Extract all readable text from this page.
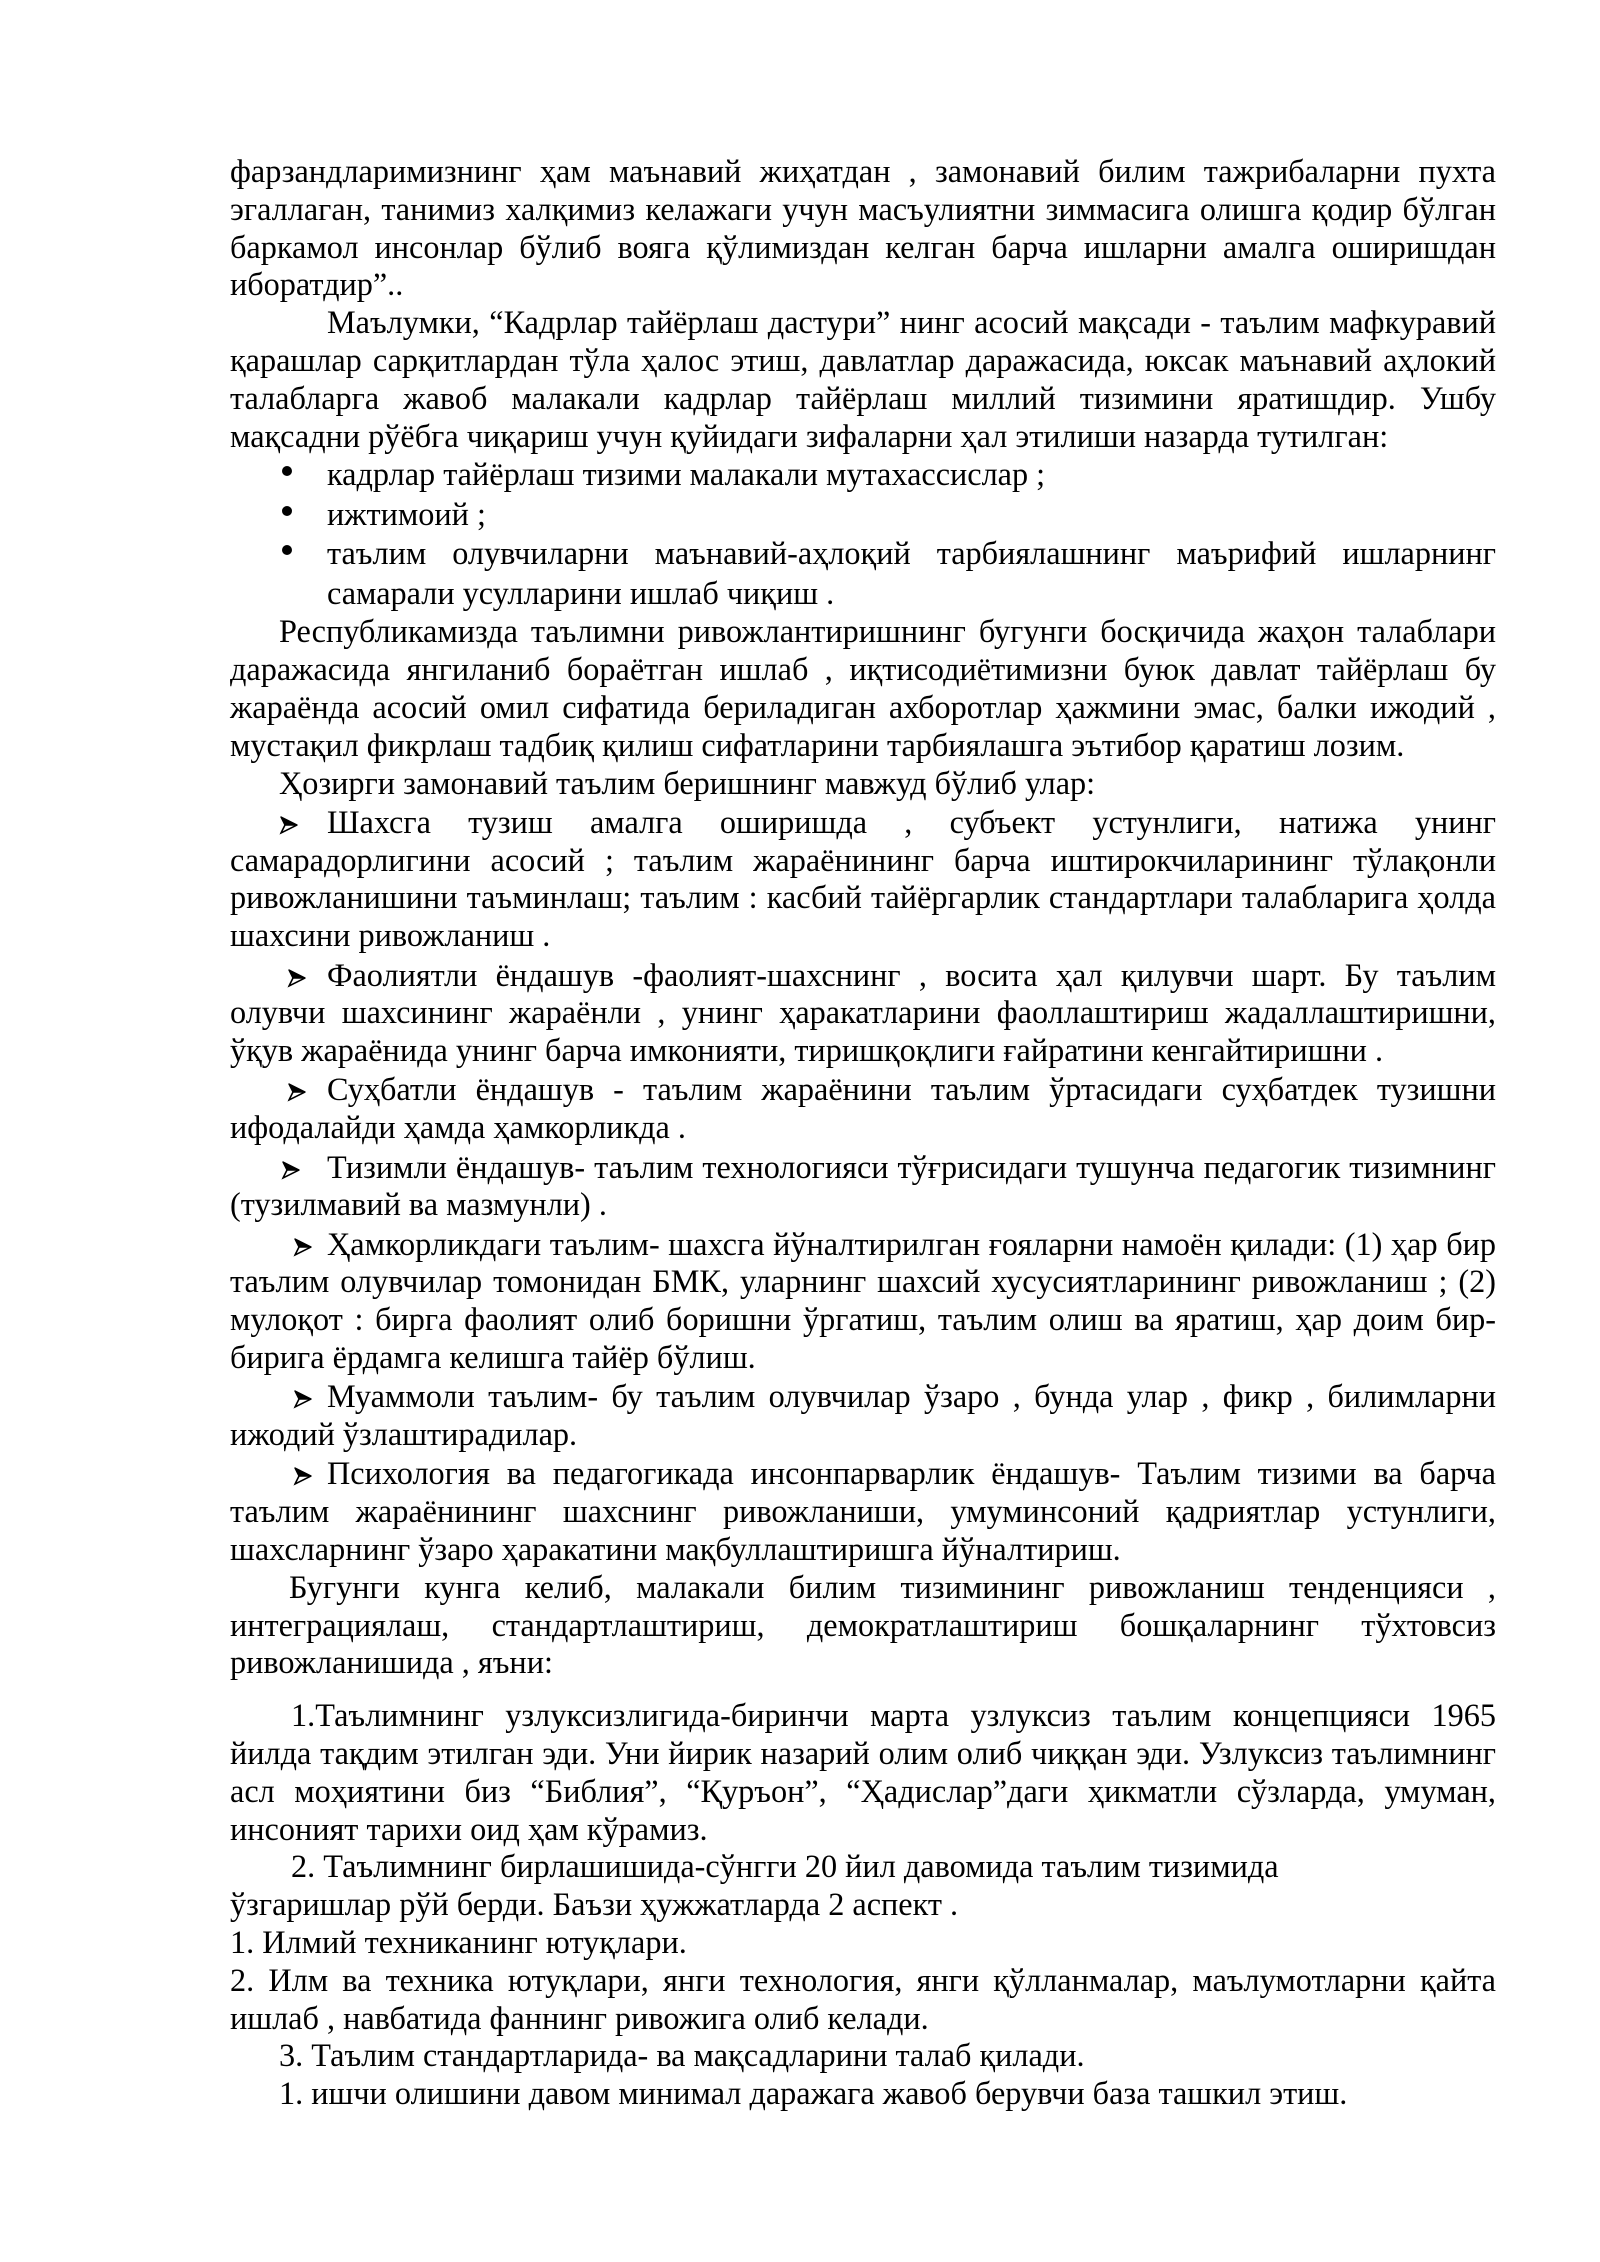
фарзандларимизнинг ҳам маънавий жиҳатдан , замонавий билим тажрибаларни пухта эгаллаган, танимиз халқимиз келажаги учун масъулиятни зиммасига олишга қодир бўлган баркамол инсонлар бўлиб вояга қўлимиздан келган барча ишларни амалга оширишдан иборатдир”..

Маълумки, “Кадрлар тайёрлаш дастури” нинг асосий мақсади - таълим мафкуравий қарашлар сарқитлардан тўла ҳалос этиш, давлатлар даражасида, юксак маънавий аҳлокий талабларга жавоб малакали кадрлар тайёрлаш миллий тизимини яратишдир. Ушбу мақсадни рўёбга чиқариш учун қуйидаги зифаларни ҳал этилиши назарда тутилган:

кадрлар тайёрлаш тизими малакали мутахассислар ;
ижтимоий ;
таълим олувчиларни маънавий-аҳлоқий тарбиялашнинг маърифий ишларнинг самарали усулларини ишлаб чиқиш .

Республикамизда таълимни ривожлантиришнинг бугунги босқичида жаҳон талаблари даражасида янгиланиб бораётган ишлаб , иқтисодиётимизни буюк давлат тайёрлаш бу жараёнда асосий омил сифатида бериладиган ахборотлар ҳажмини эмас, балки ижодий , мустақил фикрлаш тадбиқ қилиш сифатларини тарбиялашга эътибор қаратиш лозим.

Ҳозирги замонавий таълим беришнинг мавжуд бўлиб улар:

Шахсга тузиш амалга оширишда , субъект устунлиги, натижа унинг самарадорлигини асосий ; таълим жараёнининг барча иштирокчиларининг тўлақонли ривожланишини таъминлаш; таълим : касбий тайёргарлик стандартлари талабларига ҳолда шахсини ривожланиш .

Фаолиятли ёндашув -фаолият-шахснинг , восита ҳал қилувчи шарт. Бу таълим олувчи шахсининг жараёнли , унинг ҳаракатларини фаоллаштириш жадаллаштиришни, ўқув жараёнида унинг барча имконияти, тиришқоқлиги ғайратини кенгайтиришни .

Суҳбатли ёндашув - таълим жараёнини таълим ўртасидаги суҳбатдек тузишни ифодалайди ҳамда ҳамкорликда .

Тизимли ёндашув- таълим технологияси тўғрисидаги тушунча педагогик тизимнинг (тузилмавий ва мазмунли) .

Ҳамкорликдаги таълим- шахсга йўналтирилган ғояларни намоён қилади: (1) ҳар бир таълим олувчилар томонидан БМК, уларнинг шахсий хусусиятларининг ривожланиш ; (2) мулоқот : бирга фаолият олиб боришни ўргатиш, таълим олиш ва яратиш, ҳар доим бир-бирига ёрдамга келишга тайёр бўлиш.

Муаммоли таълим- бу таълим олувчилар ўзаро , бунда улар , фикр , билимларни ижодий ўзлаштирадилар.

Психология ва педагогикада инсонпарварлик ёндашув- Таълим тизими ва барча таълим жараёнининг шахснинг ривожланиши, умуминсоний қадриятлар устунлиги, шахсларнинг ўзаро ҳаракатини мақбуллаштиришга йўналтириш.

Бугунги кунга келиб, малакали билим тизимининг ривожланиш тенденцияси , интеграциялаш, стандартлаштириш, демократлаштириш бошқаларнинг тўхтовсиз ривожланишида , яъни:

1.Таълимнинг узлуксизлигида-биринчи марта узлуксиз таълим концепцияси 1965 йилда тақдим этилган эди. Уни йирик назарий олим олиб чиққан эди. Узлуксиз таълимнинг асл моҳиятини биз “Библия”, “Қуръон”, “Ҳадислар”даги ҳикматли сўзларда, умуман, инсоният тарихи оид ҳам кўрамиз.

2. Таълимнинг бирлашишида-сўнгги 20 йил давомида таълим тизимида

ўзгаришлар рўй берди. Баъзи ҳужжатларда 2 аспект .

1. Илмий техниканинг ютуқлари.

2. Илм ва техника ютуқлари, янги технология, янги қўлланмалар, маълумотларни қайта ишлаб , навбатида фаннинг ривожига олиб келади.

3. Таълим стандартларида- ва мақсадларини талаб қилади.

1. ишчи олишини давом минимал даражага жавоб берувчи база ташкил этиш.
